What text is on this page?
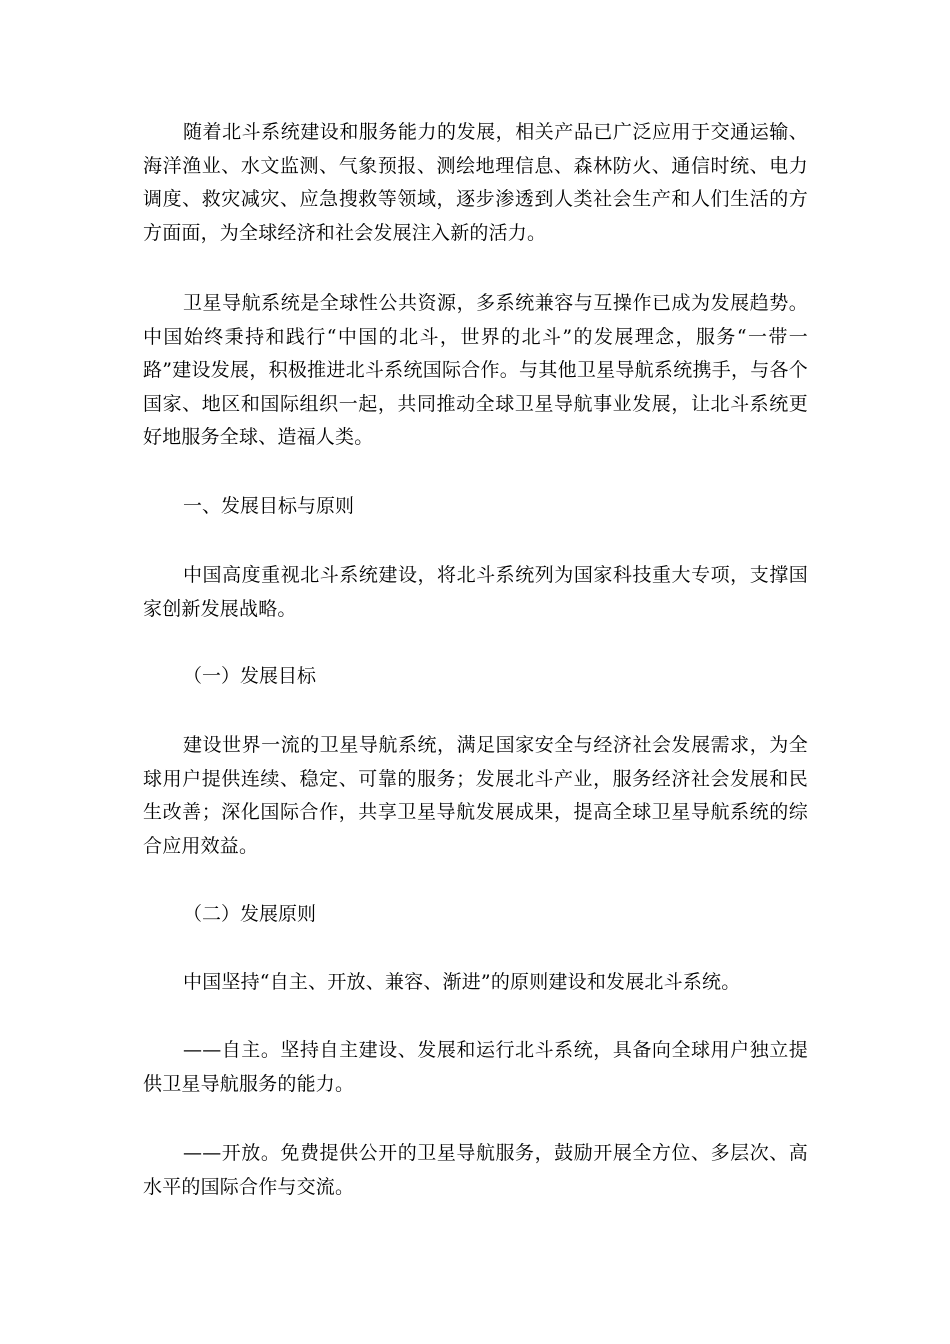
随着北斗系统建设和服务能力的发展，相关产品已广泛应用于交通运输、海洋渔业、水文监测、气象预报、测绘地理信息、森林防火、通信时统、电力调度、救灾减灾、应急搜救等领域，逐步渗透到人类社会生产和人们生活的方方面面，为全球经济和社会发展注入新的活力。

卫星导航系统是全球性公共资源，多系统兼容与互操作已成为发展趋势。中国始终秉持和践行“中国的北斗，世界的北斗”的发展理念，服务“一带一路”建设发展，积极推进北斗系统国际合作。与其他卫星导航系统携手，与各个国家、地区和国际组织一起，共同推动全球卫星导航事业发展，让北斗系统更好地服务全球、造福人类。

一、发展目标与原则

中国高度重视北斗系统建设，将北斗系统列为国家科技重大专项，支撑国家创新发展战略。

（一）发展目标

建设世界一流的卫星导航系统，满足国家安全与经济社会发展需求，为全球用户提供连续、稳定、可靠的服务；发展北斗产业，服务经济社会发展和民生改善；深化国际合作，共享卫星导航发展成果，提高全球卫星导航系统的综合应用效益。

（二）发展原则

中国坚持“自主、开放、兼容、渐进”的原则建设和发展北斗系统。

——自主。坚持自主建设、发展和运行北斗系统，具备向全球用户独立提供卫星导航服务的能力。

——开放。免费提供公开的卫星导航服务，鼓励开展全方位、多层次、高水平的国际合作与交流。
